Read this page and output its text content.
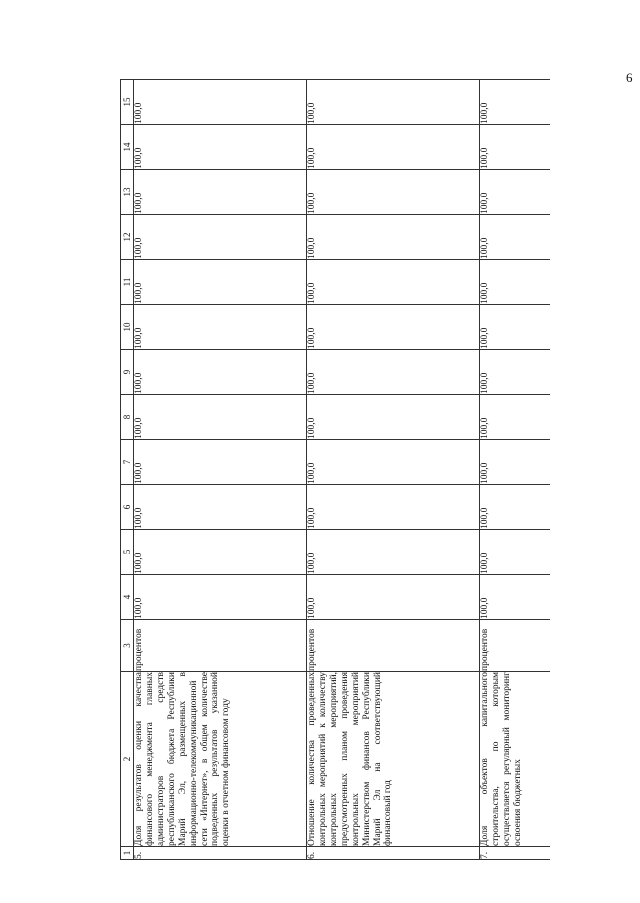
6
1	2	3	4	5	6	7	8	9	10	11	12	13	14	15
5.	Доля результатов оценки качества финансового менеджмента главных администраторов средств республиканского бюджета Республики Марий Эл, размещенных в информационно-телекоммуникационной сети «Интернет», в общем количестве подведенных результатов указанной оценки в отчетном финансовом году	процентов	100,0	100,0	100,0	100,0	100,0	100,0	100,0	100,0	100,0	100,0	100,0	100,0
6.	Отношение количества проведенных контрольных мероприятий к количеству контрольных мероприятий, предусмотренных планом проведения контрольных мероприятий Министерством финансов Республики Марий Эл на соответствующий финансовый год	процентов	100,0	100,0	100,0	100,0	100,0	100,0	100,0	100,0	100,0	100,0	100,0	100,0
7.	Доля объектов капитального строительства, по которым осуществляется регулярный мониторинг освоения бюджетных	процентов	100,0	100,0	100,0	100,0	100,0	100,0	100,0	100,0	100,0	100,0	100,0	100,0
